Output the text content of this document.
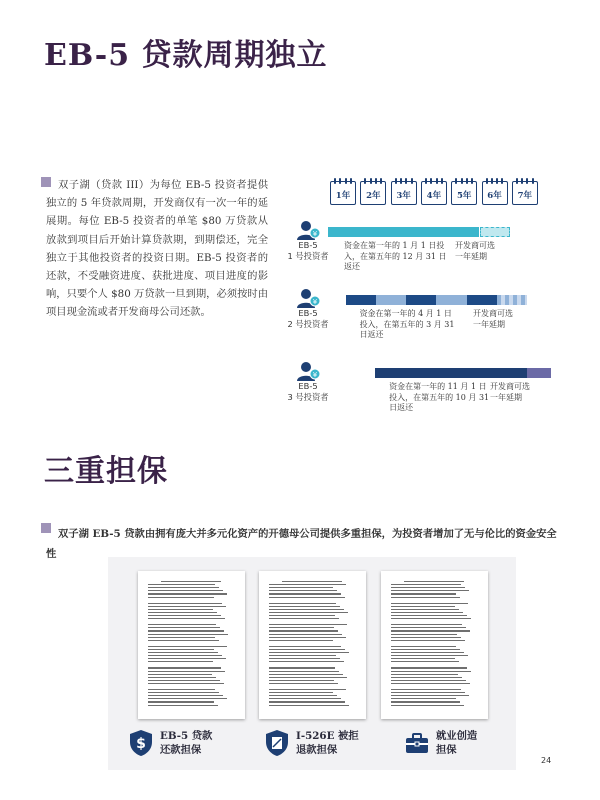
EB-5 贷款周期独立

双子湖（贷款 III）为每位 EB-5 投资者提供独立的 5 年贷款周期，开发商仅有一次一年的延展期。每位 EB-5 投资者的单笔 $80 万贷款从放款到项目后开始计算贷款期，到期偿还，完全独立于其他投资者的投资日期。EB-5 投资者的还款，不受融资进度、获批进度、项目进度的影响，只要个人 $80 万贷款一旦到期，必须按时由项目现金流或者开发商母公司还款。

1年	2年	3年	4年	5年	6年	7年
¥
EB-5
1 号投资者
资金在第一年的 1 月 1 日投
入，在第五年的 12 月 31 日
返还
开发商可选
一年延期
¥
EB-5
2 号投资者
资金在第一年的 4 月 1 日
投入，在第五年的 3 月 31
日返还
开发商可选
一年延期
¥
EB-5
3 号投资者
资金在第一年的 11 月 1 日
投入，在第五年的 10 月 31
日返还
开发商可选
一年延期
三重担保

双子湖 EB-5 贷款由拥有庞大并多元化资产的开德母公司提供多重担保，为投资者增加了无与伦比的资金安全性

$ EB-5 贷款
还款担保
I-526E 被拒
退款担保
就业创造
担保
24
